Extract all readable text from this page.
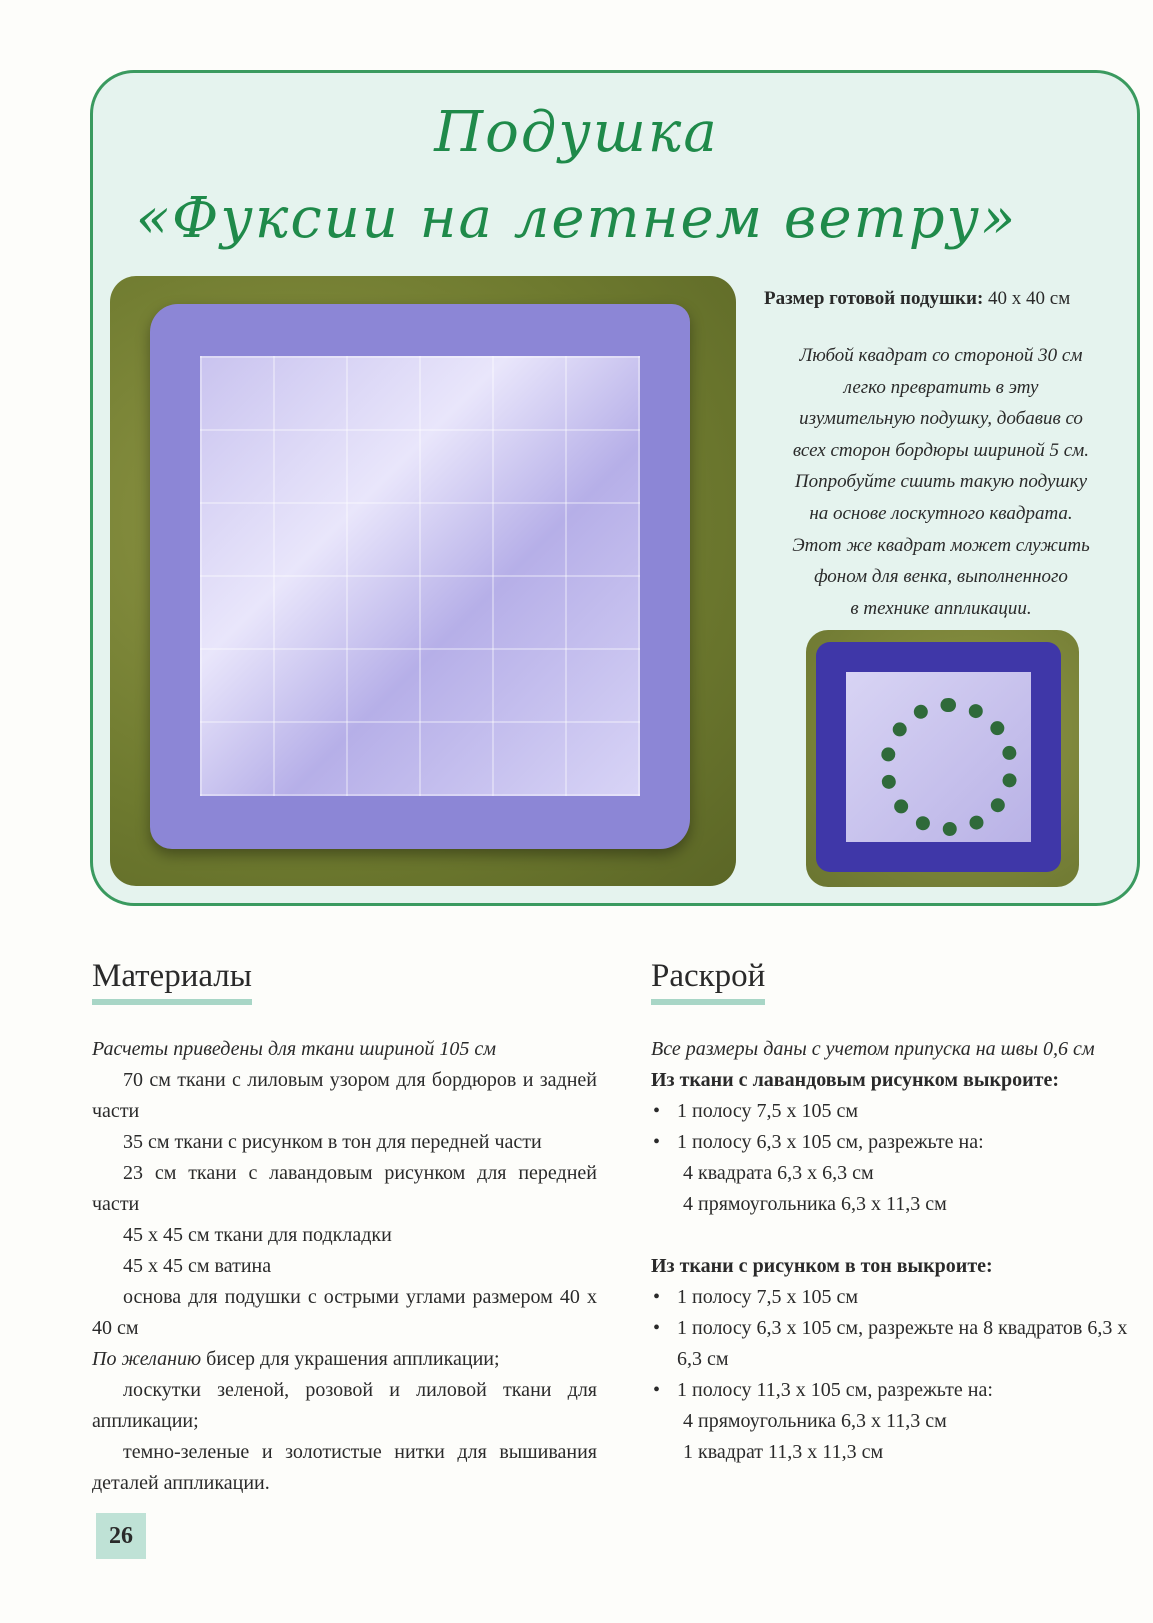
Подушка
«Фуксии на летнем ветру»
Размер готовой подушки: 40 х 40 см
Любой квадрат со стороной 30 см
легко превратить в эту
изумительную подушку, добавив со
всех сторон бордюры шириной 5 см.
Попробуйте сшить такую подушку
на основе лоскутного квадрата.
Этот же квадрат может служить
фоном для венка, выполненного
в технике аппликации.
Материалы	Раскрой

Расчеты приведены для ткани шириной 105 см

70 см ткани с лиловым узором для бордюров и задней части

35 см ткани с рисунком в тон для передней части

23 см ткани с лавандовым рисунком для передней части

45 х 45 см ткани для подкладки

45 х 45 см ватина

основа для подушки с острыми углами размером 40 х 40 см

По желанию бисер для украшения аппликации;

лоскутки зеленой, розовой и лиловой ткани для аппликации;

темно-зеленые и золотистые нитки для вышивания деталей аппликации.

Все размеры даны с учетом припуска на швы 0,6 см

Из ткани с лавандовым рисунком выкроите:

• 1 полосу 7,5 х 105 см

• 1 полосу 6,3 х 105 см, разрежьте на:

4 квадрата 6,3 х 6,3 см

4 прямоугольника 6,3 х 11,3 см

Из ткани с рисунком в тон выкроите:

• 1 полосу 7,5 х 105 см

• 1 полосу 6,3 х 105 см, разрежьте на 8 квадратов 6,3 х 6,3 см

• 1 полосу 11,3 х 105 см, разрежьте на:

4 прямоугольника 6,3 х 11,3 см

1 квадрат 11,3 х 11,3 см

26
